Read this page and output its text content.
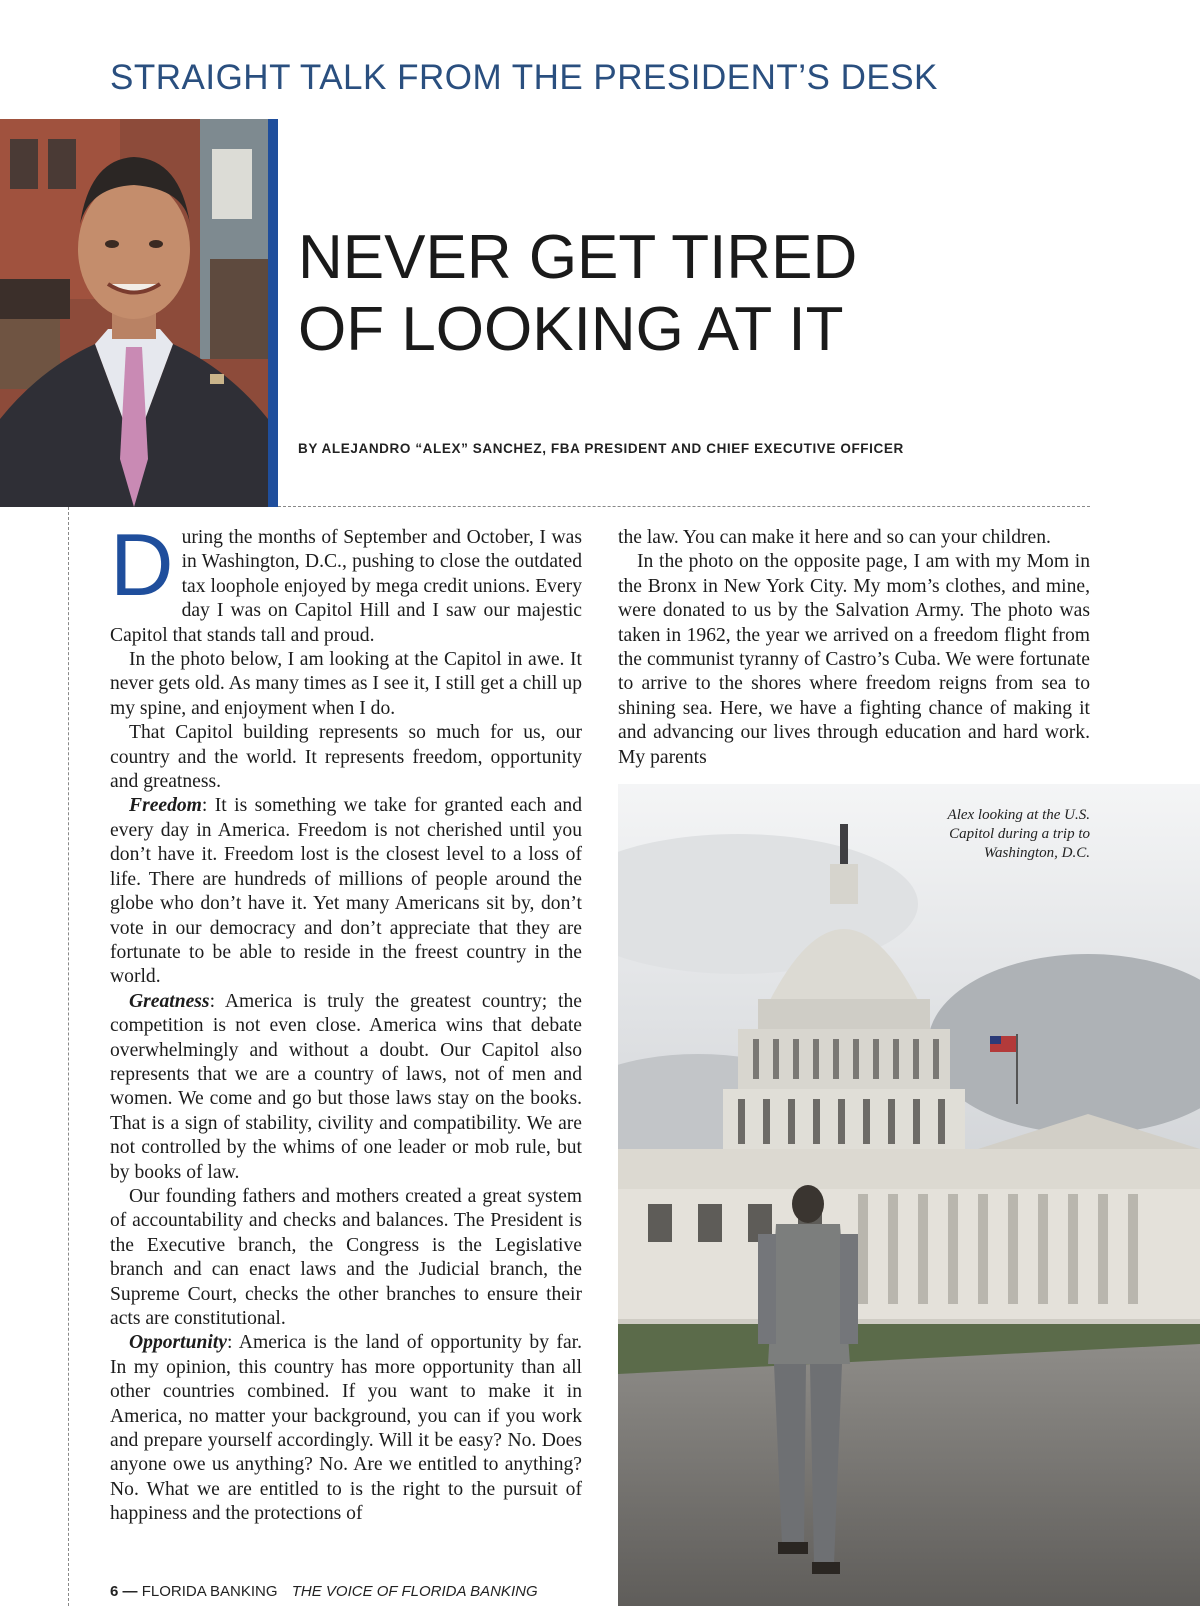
STRAIGHT TALK FROM THE PRESIDENT’S DESK
NEVER GET TIRED
OF LOOKING AT IT
BY ALEJANDRO “ALEX” SANCHEZ, FBA PRESIDENT AND CHIEF EXECUTIVE OFFICER

During the months of September and October, I was in Washington, D.C., pushing to close the outdated tax loophole enjoyed by mega credit unions. Every day I was on Capitol Hill and I saw our majestic Capitol that stands tall and proud.

In the photo below, I am looking at the Capitol in awe. It never gets old. As many times as I see it, I still get a chill up my spine, and enjoyment when I do.

That Capitol building represents so much for us, our country and the world. It represents freedom, opportunity and greatness.

Freedom: It is something we take for granted each and every day in America. Freedom is not cherished until you don’t have it. Freedom lost is the closest level to a loss of life. There are hundreds of millions of people around the globe who don’t have it. Yet many Americans sit by, don’t vote in our democracy and don’t appreciate that they are fortunate to be able to reside in the freest country in the world.

Greatness: America is truly the greatest country; the competition is not even close. America wins that debate overwhelmingly and without a doubt. Our Capitol also represents that we are a country of laws, not of men and women. We come and go but those laws stay on the books. That is a sign of stability, civility and compatibility. We are not controlled by the whims of one leader or mob rule, but by books of law.

Our founding fathers and mothers created a great system of accountability and checks and balances. The President is the Executive branch, the Congress is the Legislative branch and can enact laws and the Judicial branch, the Supreme Court, checks the other branches to ensure their acts are constitutional.

Opportunity: America is the land of opportunity by far. In my opinion, this country has more opportunity than all other countries combined. If you want to make it in America, no matter your background, you can if you work and prepare yourself accordingly. Will it be easy? No. Does anyone owe us anything? No. Are we entitled to anything? No. What we are entitled to is the right to the pursuit of happiness and the protections of

the law. You can make it here and so can your children.

In the photo on the opposite page, I am with my Mom in the Bronx in New York City. My mom’s clothes, and mine, were donated to us by the Salvation Army. The photo was taken in 1962, the year we arrived on a freedom flight from the communist tyranny of Castro’s Cuba. We were fortunate to arrive to the shores where freedom reigns from sea to shining sea. Here, we have a fighting chance of making it and advancing our lives through education and hard work. My parents

Alex looking at the U.S.
Capitol during a trip to
Washington, D.C.
6 — FLORIDA BANKING THE VOICE OF FLORIDA BANKING
